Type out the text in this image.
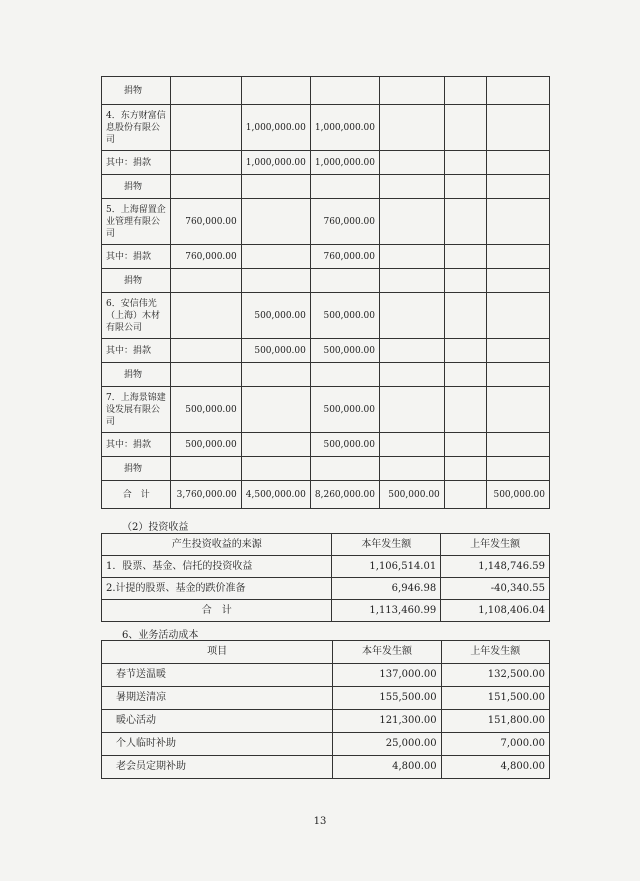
捐物						
4．东方财富信息股份有限公司		1,000,000.00	1,000,000.00			
其中：捐款		1,000,000.00	1,000,000.00			
捐物						
5．上海留置企业管理有限公司	760,000.00		760,000.00			
其中：捐款	760,000.00		760,000.00			
捐物						
6．安信伟光（上海）木材有限公司		500,000.00	500,000.00			
其中：捐款		500,000.00	500,000.00			
捐物						
7．上海景锦建设发展有限公司	500,000.00		500,000.00			
其中：捐款	500,000.00		500,000.00			
捐物						
合　计	3,760,000.00	4,500,000.00	8,260,000.00	500,000.00		500,000.00
（2）投资收益
产生投资收益的来源	本年发生额	上年发生额
1．股票、基金、信托的投资收益	1,106,514.01	1,148,746.59
2.计提的股票、基金的跌价准备	6,946.98	-40,340.55
合　计	1,113,460.99	1,108,406.04
6、业务活动成本
项目	本年发生额	上年发生额
春节送温暖	137,000.00	132,500.00
暑期送清凉	155,500.00	151,500.00
暖心活动	121,300.00	151,800.00
个人临时补助	25,000.00	7,000.00
老会员定期补助	4,800.00	4,800.00
13
